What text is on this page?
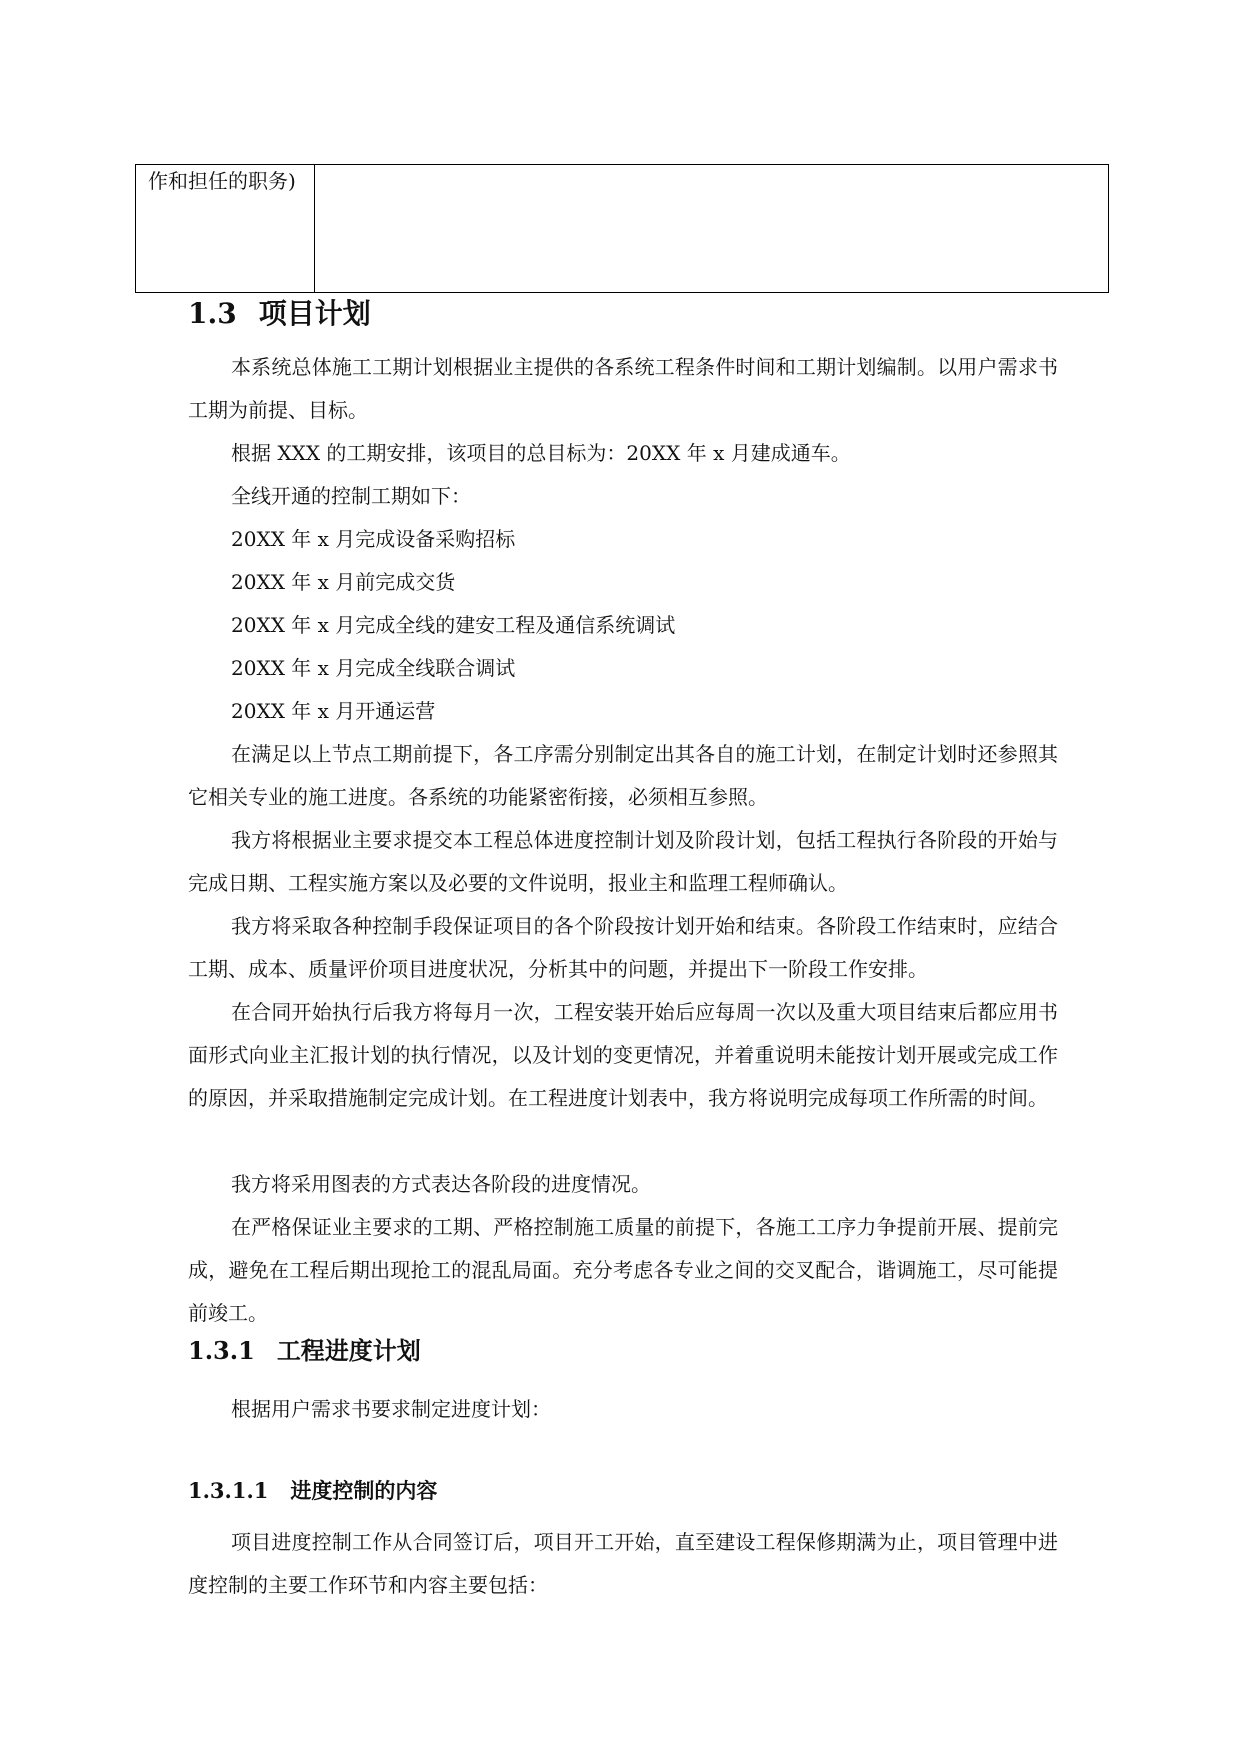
作和担任的职务)	
1.3 项目计划

本系统总体施工工期计划根据业主提供的各系统工程条件时间和工期计划编制。以用户需求书工期为前提、目标。

根据 XXX 的工期安排，该项目的总目标为：20XX 年 x 月建成通车。

全线开通的控制工期如下：

20XX 年 x 月完成设备采购招标

20XX 年 x 月前完成交货

20XX 年 x 月完成全线的建安工程及通信系统调试

20XX 年 x 月完成全线联合调试

20XX 年 x 月开通运营

在满足以上节点工期前提下，各工序需分别制定出其各自的施工计划，在制定计划时还参照其它相关专业的施工进度。各系统的功能紧密衔接，必须相互参照。

我方将根据业主要求提交本工程总体进度控制计划及阶段计划，包括工程执行各阶段的开始与完成日期、工程实施方案以及必要的文件说明，报业主和监理工程师确认。

我方将采取各种控制手段保证项目的各个阶段按计划开始和结束。各阶段工作结束时，应结合工期、成本、质量评价项目进度状况，分析其中的问题，并提出下一阶段工作安排。

在合同开始执行后我方将每月一次，工程安装开始后应每周一次以及重大项目结束后都应用书面形式向业主汇报计划的执行情况，以及计划的变更情况，并着重说明未能按计划开展或完成工作的原因，并采取措施制定完成计划。在工程进度计划表中，我方将说明完成每项工作所需的时间。

我方将采用图表的方式表达各阶段的进度情况。

在严格保证业主要求的工期、严格控制施工质量的前提下，各施工工序力争提前开展、提前完成，避免在工程后期出现抢工的混乱局面。充分考虑各专业之间的交叉配合，谐调施工，尽可能提前竣工。

1.3.1 工程进度计划

根据用户需求书要求制定进度计划：

1.3.1.1 进度控制的内容

项目进度控制工作从合同签订后，项目开工开始，直至建设工程保修期满为止，项目管理中进度控制的主要工作环节和内容主要包括：
